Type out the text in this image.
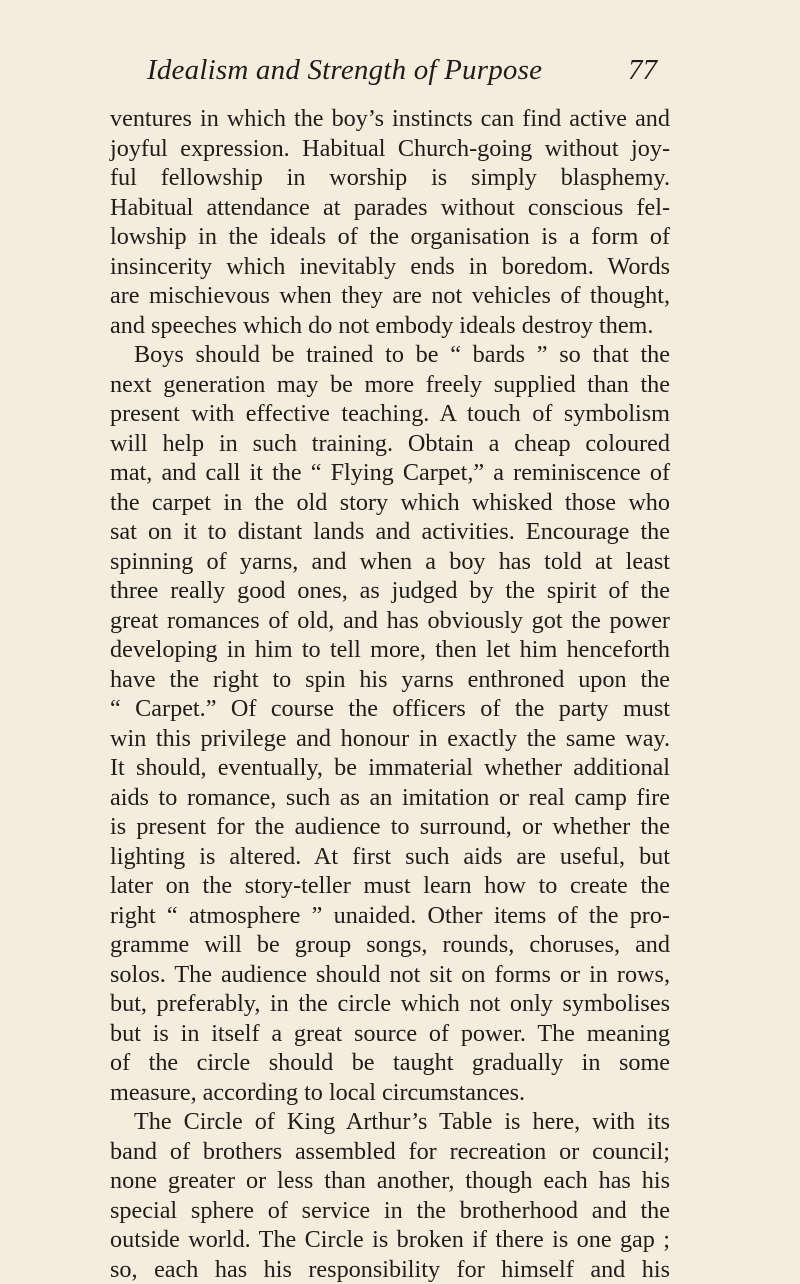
Idealism and Strength of Purpose	77
ventures in which the boy’s instincts can find active and
joyful expression. Habitual Church-going without joy-
ful fellowship in worship is simply blasphemy.
Habitual attendance at parades without conscious fel-
lowship in the ideals of the organisation is a form of
insincerity which inevitably ends in boredom. Words
are mischievous when they are not vehicles of thought,
and speeches which do not embody ideals destroy them.
Boys should be trained to be “ bards ” so that the
next generation may be more freely supplied than the
present with effective teaching. A touch of symbolism
will help in such training. Obtain a cheap coloured
mat, and call it the “ Flying Carpet,” a reminiscence of
the carpet in the old story which whisked those who
sat on it to distant lands and activities. Encourage the
spinning of yarns, and when a boy has told at least
three really good ones, as judged by the spirit of the
great romances of old, and has obviously got the power
developing in him to tell more, then let him henceforth
have the right to spin his yarns enthroned upon the
“ Carpet.” Of course the officers of the party must
win this privilege and honour in exactly the same way.
It should, eventually, be immaterial whether additional
aids to romance, such as an imitation or real camp fire
is present for the audience to surround, or whether the
lighting is altered. At first such aids are useful, but
later on the story-teller must learn how to create the
right “ atmosphere ” unaided. Other items of the pro-
gramme will be group songs, rounds, choruses, and
solos. The audience should not sit on forms or in rows,
but, preferably, in the circle which not only symbolises
but is in itself a great source of power. The meaning
of the circle should be taught gradually in some
measure, according to local circumstances.
The Circle of King Arthur’s Table is here, with its
band of brothers assembled for recreation or council;
none greater or less than another, though each has his
special sphere of service in the brotherhood and the
outside world. The Circle is broken if there is one gap ;
so, each has his responsibility for himself and his
